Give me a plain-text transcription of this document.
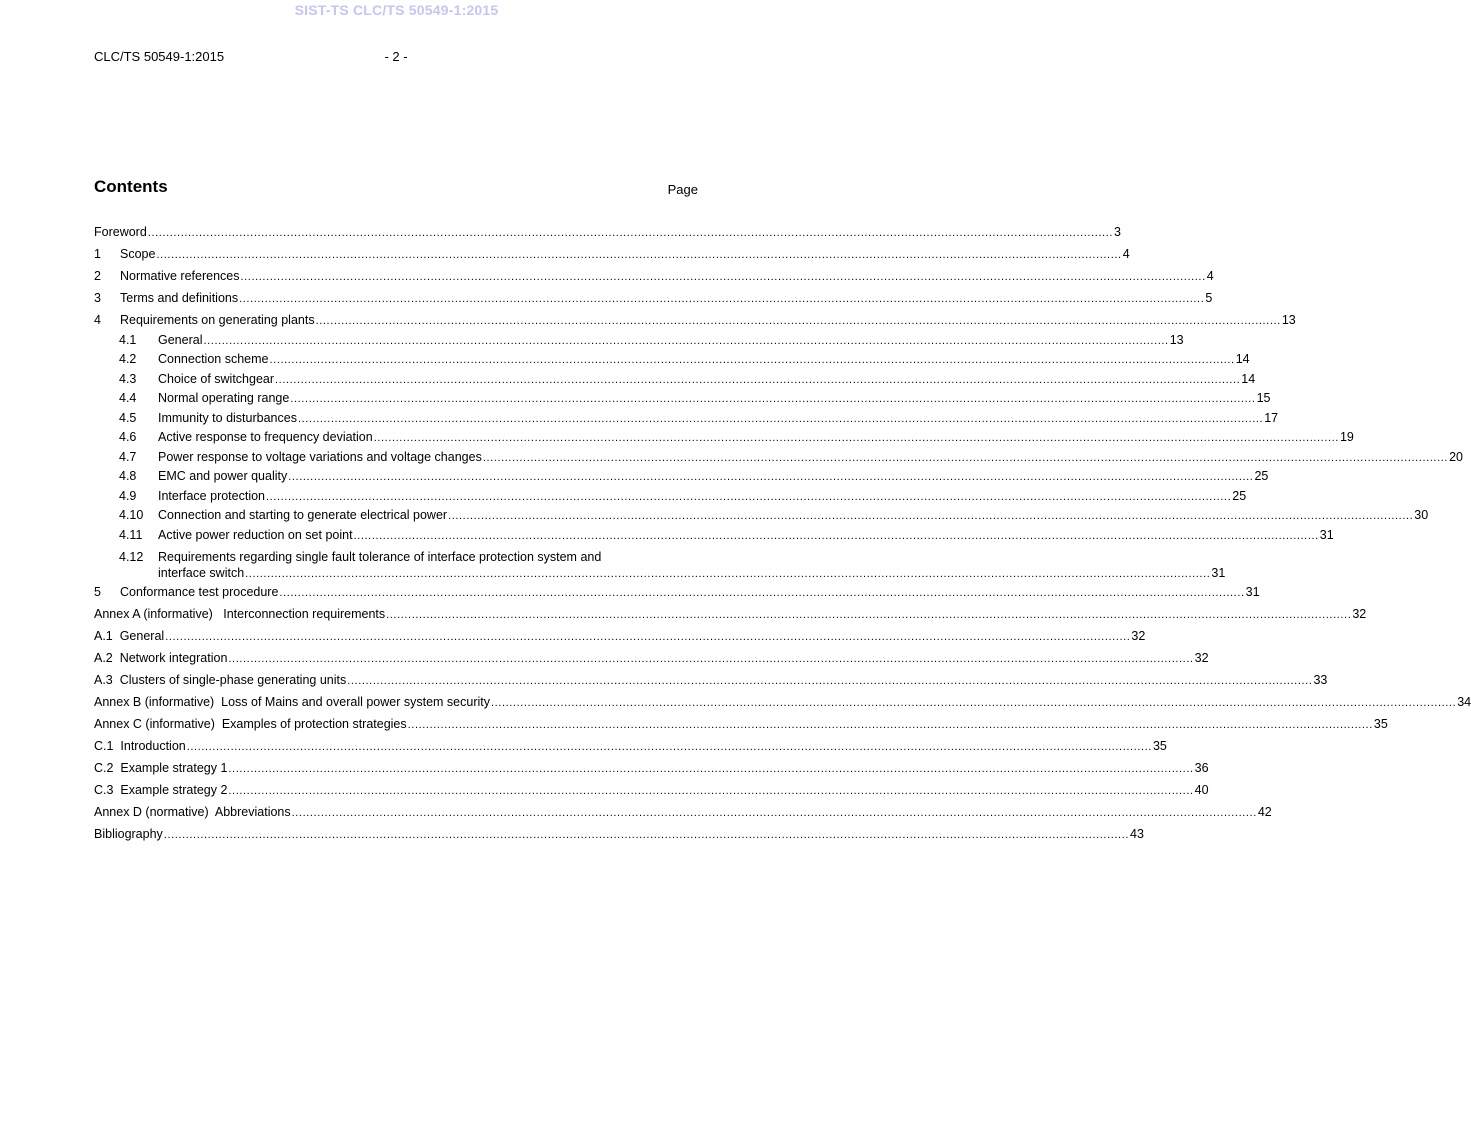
SIST-TS CLC/TS 50549-1:2015
CLC/TS 50549-1:2015	- 2 -
Contents	Page
Foreword .....	3
1	Scope .....	4
2	Normative references .....	4
3	Terms and definitions .....	5
4	Requirements on generating plants .....	13
4.1	General .....	13
4.2	Connection scheme .....	14
4.3	Choice of switchgear .....	14
4.4	Normal operating range .....	15
4.5	Immunity to disturbances .....	17
4.6	Active response to frequency deviation .....	19
4.7	Power response to voltage variations and voltage changes .....	20
4.8	EMC and power quality .....	25
4.9	Interface protection .....	25
4.10	Connection and starting to generate electrical power .....	30
4.11	Active power reduction on set point .....	31
4.12	Requirements regarding single fault tolerance of interface protection system and
interface switch .....	31
5	Conformance test procedure .....	31
Annex A (informative)   Interconnection requirements .....	32
A.1  General .....	32
A.2  Network integration .....	32
A.3  Clusters of single-phase generating units .....	33
Annex B (informative)  Loss of Mains and overall power system security .....	34
Annex C (informative)  Examples of protection strategies .....	35
C.1  Introduction .....	35
C.2  Example strategy 1 .....	36
C.3  Example strategy 2 .....	40
Annex D (normative)  Abbreviations .....	42
Bibliography .....	43
